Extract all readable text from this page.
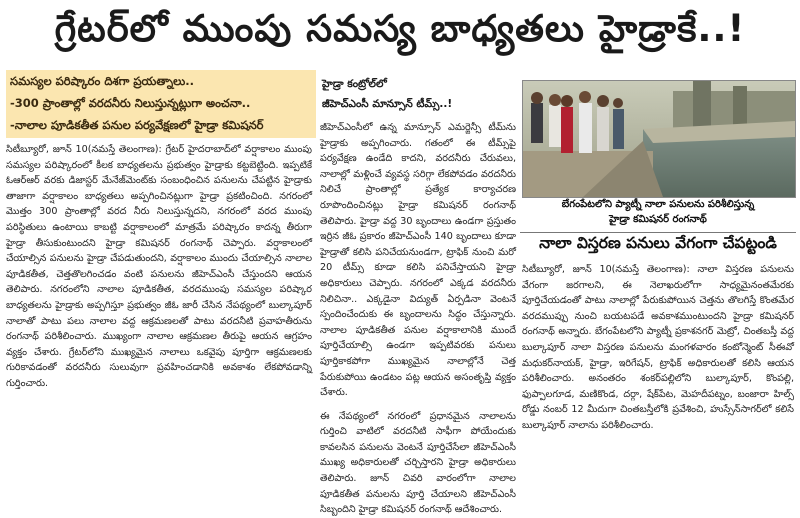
గ్రేటర్‌లో ముంపు సమస్య బాధ్యతలు హైడ్రాకే..!
సమస్యల పరిష్కారం దిశగా ప్రయత్నాలు..
-300 ప్రాంతాల్లో వరదనీరు నిలుస్తున్నట్లుగా అంచనా..
-నాలాల పూడికతీత పనుల పర్యవేక్షణలో హైడ్రా కమిషనర్
హైడ్రా కంట్రోల్‌లో
జీహెచ్‌ఎంసీ మాన్సూన్ టీమ్స్..!

సిటీబ్యూరో, జూన్ 10(నమస్తే తెలంగాణ): గ్రేటర్ హైదరాబాద్‌లో వర్షాకాలం ముంపు సమస్యల పరిష్కారంలో కీలక బాధ్యతలను ప్రభుత్వం హైడ్రాకు కట్టబెట్టింది. ఇప్పటికే ఓఆర్‌ఆర్ వరకు డిజాస్టర్ మేనేజ్‌మెంట్‌కు సంబంధించిన పనులను చేపట్టిన హైడ్రాకు తాజాగా వర్షాకాలం బాధ్యతలు అప్పగించినట్లుగా హైడ్రా ప్రకటించింది. నగరంలో మొత్తం 300 ప్రాంతాల్లో వరద నీరు నిలుస్తున్నదని, నగరంలో వరద ముంపు పరిస్థితులు ఉంటాయి కాబట్టి వర్షాకాలంలో మాత్రమే పరిష్కారం కాదన్న తీరుగా హైడ్రా తీసుకుంటుందని హైడ్రా కమిషనర్ రంగనాథ్ చెప్పారు. వర్షాకాలంలో చేయాల్సిన పనులను హైడ్రా చేపడుతుందని, వర్షాకాలం ముందు చేయాల్సిన నాలాల పూడికతీత, చెత్తతొలగించడం వంటి పనులను జీహెచ్‌ఎంసీ చేస్తుందని ఆయన తెలిపారు. నగరంలోని నాలాల పూడికతీత, వరదముంపు సమస్యల పరిష్కార బాధ్యతలను హైడ్రాకు అప్పగిస్తూ ప్రభుత్వం జీఓ జారీ చేసిన నేపథ్యంలో బుల్కాపూర్ నాలాతో పాటు పలు నాలాల వద్ద ఆక్రమణలతో పాటు వరదనీటి ప్రవాహతీరును రంగనాథ్ పరిశీలించారు. ముఖ్యంగా నాలాల ఆక్రమణల తీరుపై ఆయన ఆగ్రహం వ్యక్తం చేశారు. గ్రేటర్‌లోని ముఖ్యమైన నాలాలు ఒకవైపు పూర్తిగా ఆక్రమణలకు గురికావడంతో వరదనీరు సులువుగా ప్రవహించడానికి అవకాశం లేకపోవడాన్ని గుర్తించారు.

జీహెచ్‌ఎంసీలో ఉన్న మాన్సూన్ ఎమర్జెన్సీ టీమ్‌ను హైడ్రాకు అప్పగించారు. గతంలో ఈ టీమ్స్‌పై పర్యవేక్షణ ఉండేది కాదని, వరదనీరు చేరువలు, నాలాల్లో మళ్లించే వ్యవస్థ సరిగ్గా లేకపోవడం వరదనీరు నిలిచే ప్రాంతాల్లో ప్రత్యేక కార్యాచరణ రూపొందించినట్లు హైడ్రా కమిషనర్ రంగనాథ్ తెలిపారు. హైడ్రా వద్ద 30 బృందాలు ఉండగా ప్రస్తుతం ఇర్రిన జీఓ ప్రకారం జీహెచ్‌ఎంసీ 140 బృందాలు కూడా హైడ్రాతో కలిసి పనిచేయనుండగా, ట్రాఫిక్ నుంచి మరో 20 టీమ్స్ కూడా కలిసి పనిచేస్తాయని హైడ్రా అధికారులు చెప్పారు. నగరంలో ఎక్కడ వరదనీరు నిలిచినా.. ఎక్కడైనా విద్యుత్ ఏర్పడినా వెంటనే స్పందించేందుకు ఈ బృందాలను సిద్ధం చేస్తున్నారు. నాలాల పూడికతీత పనుల వర్షాకాలానికి ముందే పూర్తిచేయాల్సి ఉండగా ఇప్పటివరకు పనులు పూర్తికాకపోగా ముఖ్యమైన నాలాల్లోనే చెత్త పేరుకుపోయి ఉండటం పట్ల ఆయన అసంతృప్తి వ్యక్తం చేశారు.

ఈ నేపథ్యంలో నగరంలో ప్రధానమైన నాలాలను గుర్తించి వాటిలో వరదనీటి సాఫీగా పోయేందుకు కావలసిన పనులను వెంటనే పూర్తిచేసేలా జీహెచ్‌ఎంసీ ముఖ్య అధికారులతో చర్చిస్తారని హైడ్రా అధికారులు తెలిపారు. జూన్ చివరి వారంలోగా నాలాల పూడికతీత పనులను పూర్తి చేయాలని జీహెచ్‌ఎంసీ సిబ్బందిని హైడ్రా కమిషనర్ రంగనాథ్ ఆదేశించారు.

బేగంపేటలోని ప్యాట్నీ నాలా పనులను పరిశీలిస్తున్న
హైడ్రా కమిషనర్ రంగనాథ్
నాలా విస్తరణ పనులు వేగంగా చేపట్టండి

సిటీబ్యూరో, జూన్ 10(నమస్తే తెలంగాణ): నాలా విస్తరణ పనులను వేగంగా జరగాలని, ఈ నెలాఖరులోగా సాధ్యమైనంతమేరకు పూర్తిచేయడంతో పాటు నాలాల్లో పేరుకుపోయిన చెత్తను తొలగిస్తే కొంతమేర వరదముప్పు నుంచి బయటపడే అవకాశముంటుందని హైడ్రా కమిషనర్ రంగనాథ్ అన్నారు. బేగంపేటలోని ప్యాట్నీ ప్రకాశనగర్ మెట్రో, చింతబస్తీ వద్ద బుల్కాపూర్ నాలా విస్తరణ పనులను మంగళవారం కంటోన్మెంట్ సీఈవో మధుకర్‌నాయక్, హైడ్రా, ఇరిగేషన్, ట్రాఫిక్ అధికారులతో కలిసి ఆయన పరిశీలించారు. అనంతరం శంకర్‌పల్లిలోని బుల్కాపూర్, కొంపల్లి, ఫుప్పాలగూడ, మణికొండ, దర్గా, షేక్‌పేట, మెహదీపట్నం, బంజారా హిల్స్ రోడ్డు నంబర్ 12 మీదుగా చింతబస్తీలోకి ప్రవేశించి, హుస్సేన్‌సాగర్‌లో కలిసే బుల్కాపూర్ నాలాను పరిశీలించారు.
